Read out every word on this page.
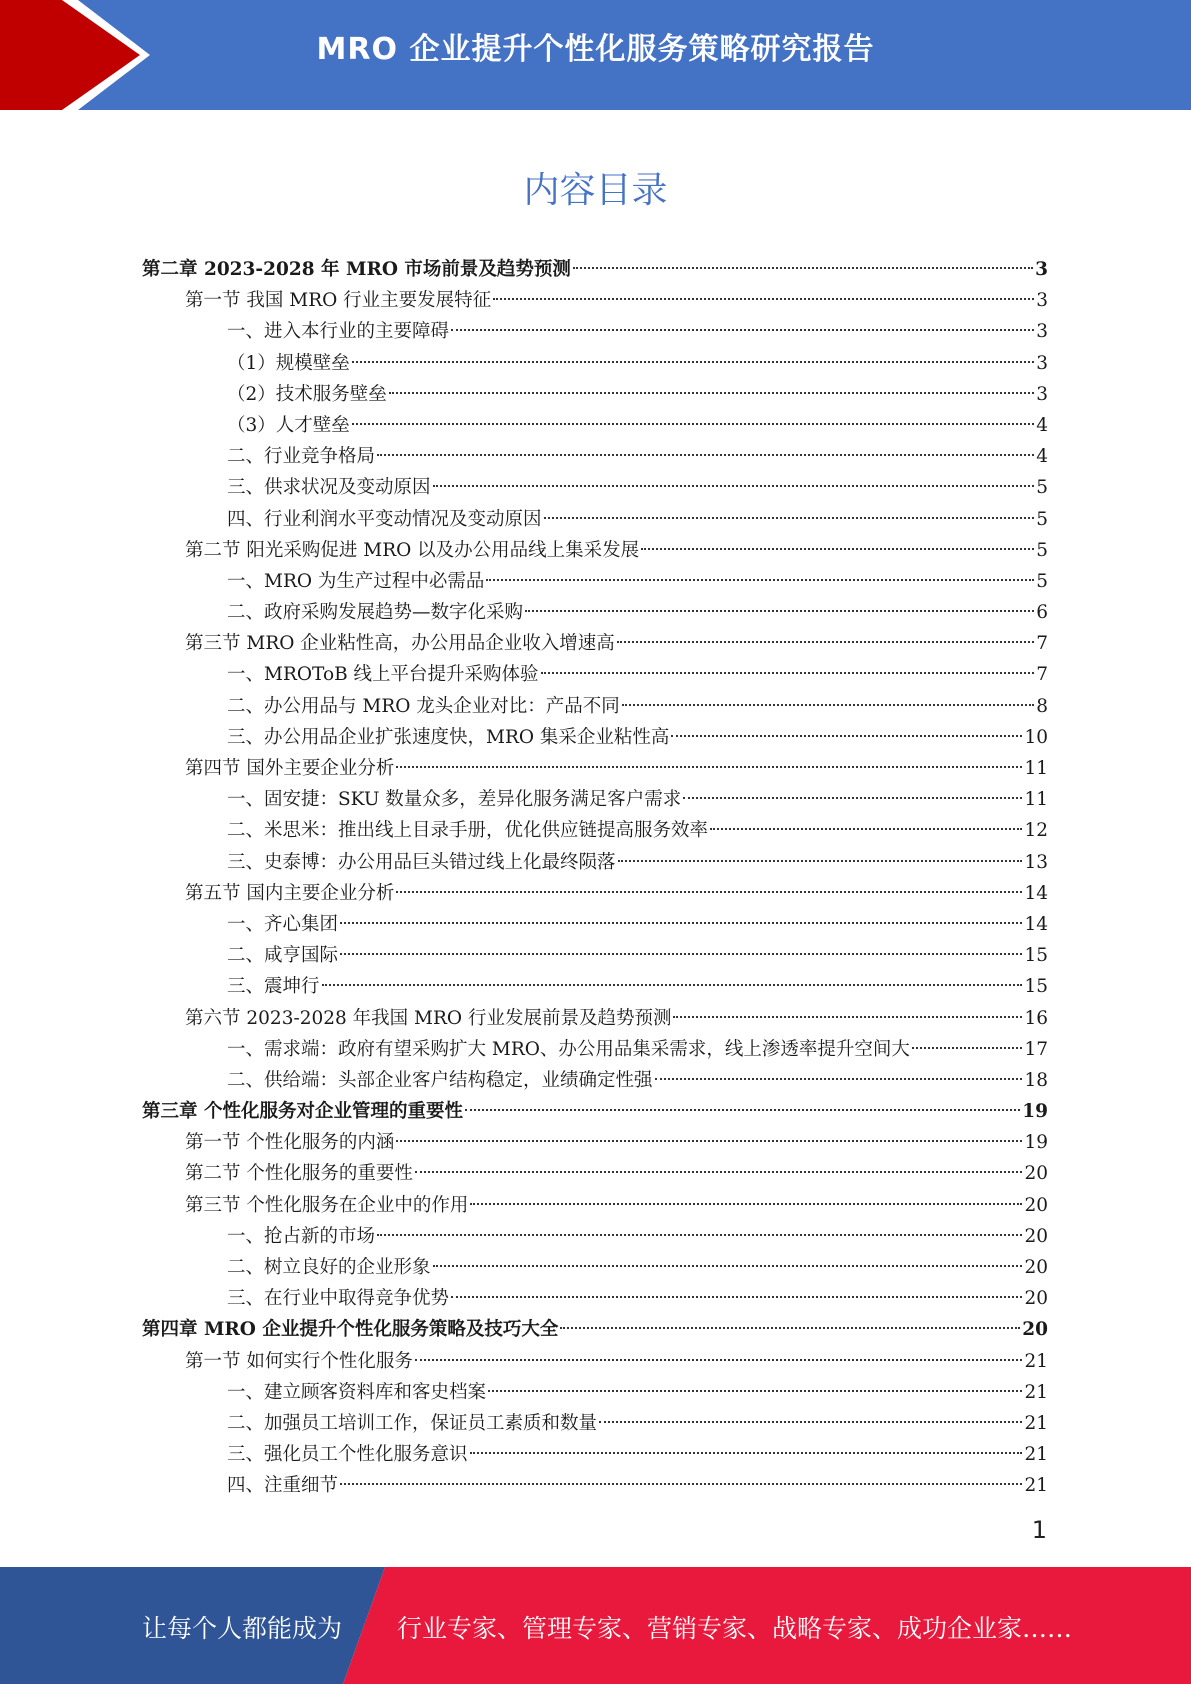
MRO 企业提升个性化服务策略研究报告
内容目录
第二章 2023-2028 年 MRO 市场前景及趋势预测	3
第一节 我国 MRO 行业主要发展特征	3
一、进入本行业的主要障碍	3
（1）规模壁垒	3
（2）技术服务壁垒	3
（3）人才壁垒	4
二、行业竞争格局	4
三、供求状况及变动原因	5
四、行业利润水平变动情况及变动原因	5
第二节 阳光采购促进 MRO 以及办公用品线上集采发展	5
一、MRO 为生产过程中必需品	5
二、政府采购发展趋势—数字化采购	6
第三节 MRO 企业粘性高，办公用品企业收入增速高	7
一、MROToB 线上平台提升采购体验	7
二、办公用品与 MRO 龙头企业对比：产品不同	8
三、办公用品企业扩张速度快，MRO 集采企业粘性高	10
第四节 国外主要企业分析	11
一、固安捷：SKU 数量众多，差异化服务满足客户需求	11
二、米思米：推出线上目录手册，优化供应链提高服务效率	12
三、史泰博：办公用品巨头错过线上化最终陨落	13
第五节 国内主要企业分析	14
一、齐心集团	14
二、咸亨国际	15
三、震坤行	15
第六节 2023-2028 年我国 MRO 行业发展前景及趋势预测	16
一、需求端：政府有望采购扩大 MRO、办公用品集采需求，线上渗透率提升空间大	17
二、供给端：头部企业客户结构稳定，业绩确定性强	18
第三章 个性化服务对企业管理的重要性	19
第一节 个性化服务的内涵	19
第二节 个性化服务的重要性	20
第三节 个性化服务在企业中的作用	20
一、抢占新的市场	20
二、树立良好的企业形象	20
三、在行业中取得竞争优势	20
第四章 MRO 企业提升个性化服务策略及技巧大全	20
第一节 如何实行个性化服务	21
一、建立顾客资料库和客史档案	21
二、加强员工培训工作，保证员工素质和数量	21
三、强化员工个性化服务意识	21
四、注重细节	21
1
让每个人都能成为 行业专家、管理专家、营销专家、战略专家、成功企业家……
